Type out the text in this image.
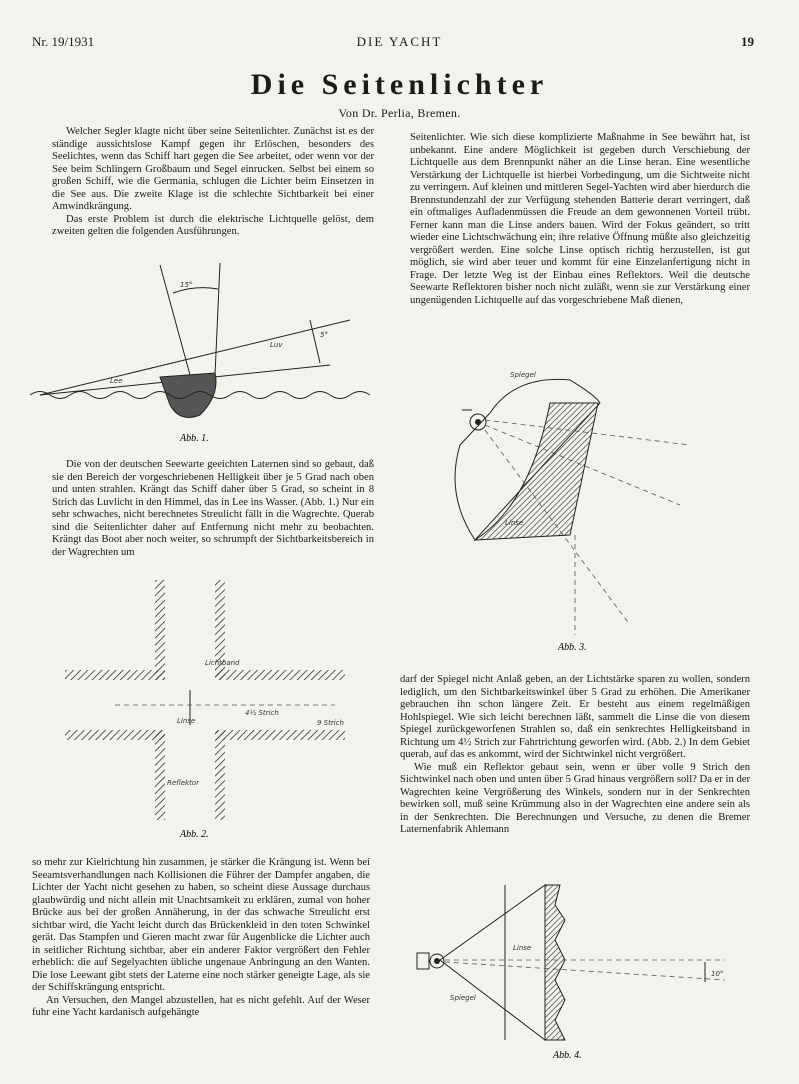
Nr. 19/1931	DIE YACHT	19
Die Seitenlichter
Von Dr. Perlia, Bremen.

Welcher Segler klagte nicht über seine Seitenlichter. Zunächst ist es der ständige aussichtslose Kampf gegen ihr Erlöschen, besonders des Seelichtes, wenn das Schiff hart gegen die See arbeitet, oder wenn vor der See beim Schlingern Großbaum und Segel einrucken. Selbst bei einem so großen Schiff, wie die Germania, schlugen die Lichter beim Einsetzen in die See aus. Die zweite Klage ist die schlechte Sichtbarkeit bei einer Amwindkrängung.

Das erste Problem ist durch die elektrische Lichtquelle gelöst, dem zweiten gelten die folgenden Ausführungen.

15°
Luv
Lee
5°
Abb. 1.

Die von der deutschen Seewarte geeichten Laternen sind so gebaut, daß sie den Bereich der vorgeschriebenen Helligkeit über je 5 Grad nach oben und unten strahlen. Krängt das Schiff daher über 5 Grad, so scheint in 8 Strich das Luvlicht in den Himmel, das in Lee ins Wasser. (Abb. 1.) Nur ein sehr schwaches, nicht berechnetes Streulicht fällt in die Wagrechte. Querab sind die Seitenlichter daher auf Entfernung nicht mehr zu beobachten. Krängt das Boot aber noch weiter, so schrumpft der Sichtbarkeitsbereich in der Wagrechten um

Linse
4½ Strich
Reflektor
Lichtband
9 Strich
Abb. 2.

so mehr zur Kielrichtung hin zusammen, je stärker die Krängung ist. Wenn bei Seeamtsverhandlungen nach Kollisionen die Führer der Dampfer angaben, die Lichter der Yacht nicht gesehen zu haben, so scheint diese Aussage durchaus glaubwürdig und nicht allein mit Unachtsamkeit zu erklären, zumal von hoher Brücke aus bei der großen Annäherung, in der das schwache Streulicht erst sichtbar wird, die Yacht leicht durch das Brückenkleid in den toten Schwinkel gerät. Das Stampfen und Gieren macht zwar für Augenblicke die Lichter auch in seitlicher Richtung sichtbar, aber ein anderer Faktor vergrößert den Fehler erheblich: die auf Segelyachten übliche ungenaue Anbringung an den Wanten. Die lose Leewant gibt stets der Laterne eine noch stärker geneigte Lage, als sie der Schiffskrängung entspricht.

An Versuchen, den Mangel abzustellen, hat es nicht gefehlt. Auf der Weser fuhr eine Yacht kardanisch aufgehängte

Seitenlichter. Wie sich diese komplizierte Maßnahme in See bewährt hat, ist unbekannt. Eine andere Möglichkeit ist gegeben durch Verschiebung der Lichtquelle aus dem Brennpunkt näher an die Linse heran. Eine wesentliche Verstärkung der Lichtquelle ist hierbei Vorbedingung, um die Sichtweite nicht zu verringern. Auf kleinen und mittleren Segel-Yachten wird aber hierdurch die Brennstundenzahl der zur Verfügung stehenden Batterie derart verringert, daß ein oftmaliges Aufladenmüssen die Freude an dem gewonnenen Vorteil trübt. Ferner kann man die Linse anders bauen. Wird der Fokus geändert, so tritt wieder eine Lichtschwächung ein; ihre relative Öffnung müßte also gleichzeitig vergrößert werden. Eine solche Linse optisch richtig herzustellen, ist gut möglich, sie wird aber teuer und kommt für eine Einzelanfertigung nicht in Frage. Der letzte Weg ist der Einbau eines Reflektors. Weil die deutsche Seewarte Reflektoren bisher noch nicht zuläßt, wenn sie zur Verstärkung einer ungenügenden Lichtquelle auf das vorgeschriebene Maß dienen,

Spiegel
Linse
Abb. 3.

darf der Spiegel nicht Anlaß geben, an der Lichtstärke sparen zu wollen, sondern lediglich, um den Sichtbarkeitswinkel über 5 Grad zu erhöhen. Die Amerikaner gebrauchen ihn schon längere Zeit. Er besteht aus einem regelmäßigen Hohlspiegel. Wie sich leicht berechnen läßt, sammelt die Linse die von diesem Spiegel zurückgeworfenen Strahlen so, daß ein senkrechtes Helligkeitsband in Richtung um 4½ Strich zur Fahrtrichtung geworfen wird. (Abb. 2.) In dem Gebiet querab, auf das es ankommt, wird der Sichtwinkel nicht vergrößert.

Wie muß ein Reflektor gebaut sein, wenn er über volle 9 Strich den Sichtwinkel nach oben und unten über 5 Grad hinaus vergrößern soll? Da er in der Wagrechten keine Vergrößerung des Winkels, sondern nur in der Senkrechten bewirken soll, muß seine Krümmung also in der Wagrechten eine andere sein als in der Senkrechten. Die Berechnungen und Versuche, zu denen die Bremer Laternenfabrik Ahlemann

Linse
Spiegel
10°
Abb. 4.
